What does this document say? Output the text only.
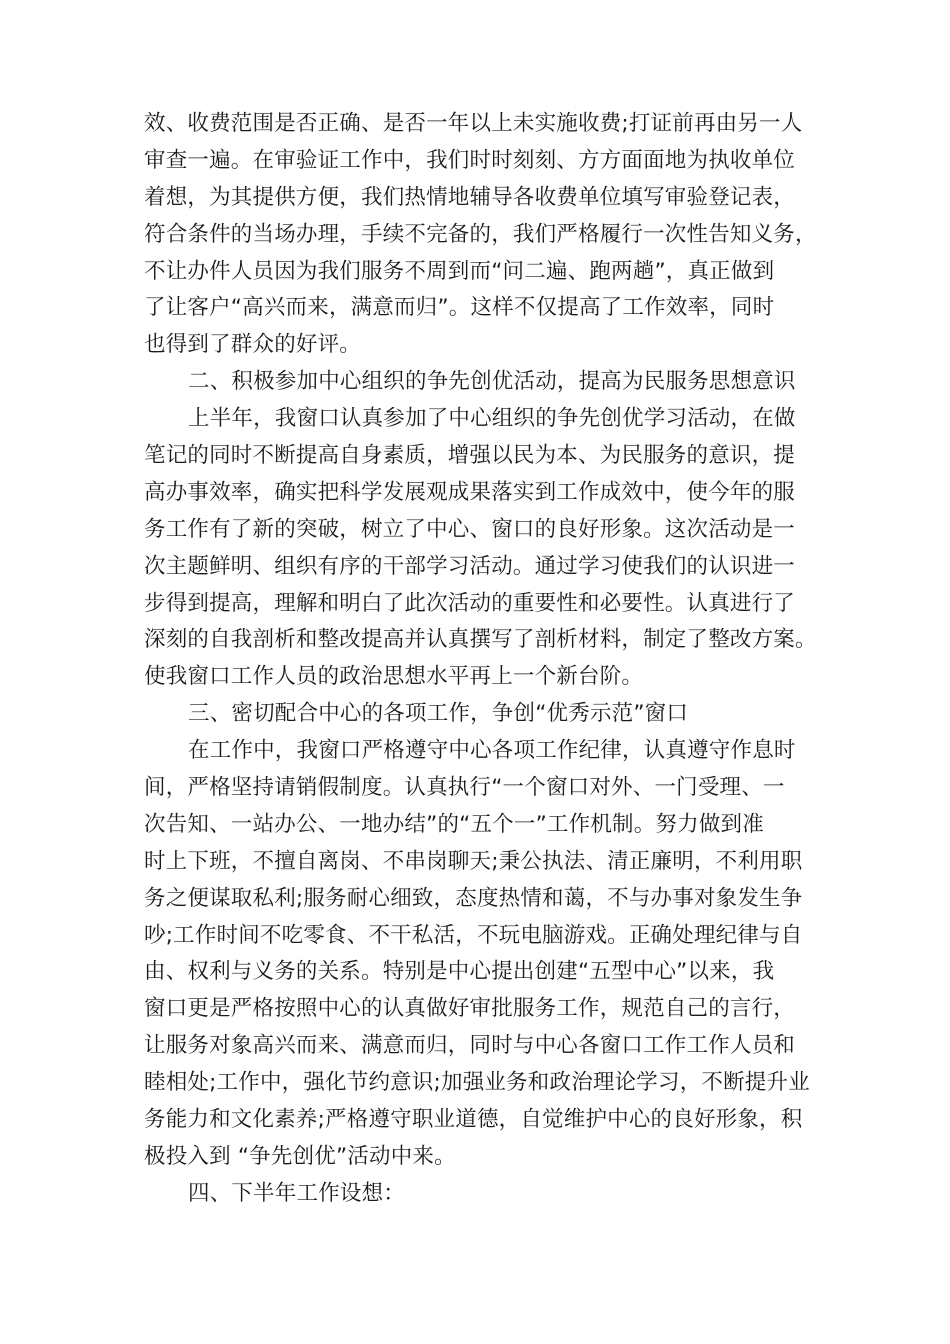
效、收费范围是否正确、是否一年以上未实施收费;打证前再由另一人
审查一遍。在审验证工作中，我们时时刻刻、方方面面地为执收单位
着想，为其提供方便，我们热情地辅导各收费单位填写审验登记表，
符合条件的当场办理，手续不完备的，我们严格履行一次性告知义务，
不让办件人员因为我们服务不周到而“问二遍、跑两趟”，真正做到
了让客户“高兴而来，满意而归”。这样不仅提高了工作效率，同时
也得到了群众的好评。
二、积极参加中心组织的争先创优活动，提高为民服务思想意识
上半年，我窗口认真参加了中心组织的争先创优学习活动，在做
笔记的同时不断提高自身素质，增强以民为本、为民服务的意识，提
高办事效率，确实把科学发展观成果落实到工作成效中，使今年的服
务工作有了新的突破，树立了中心、窗口的良好形象。这次活动是一
次主题鲜明、组织有序的干部学习活动。通过学习使我们的认识进一
步得到提高，理解和明白了此次活动的重要性和必要性。认真进行了
深刻的自我剖析和整改提高并认真撰写了剖析材料，制定了整改方案。
使我窗口工作人员的政治思想水平再上一个新台阶。
三、密切配合中心的各项工作，争创“优秀示范”窗口
在工作中，我窗口严格遵守中心各项工作纪律，认真遵守作息时
间，严格坚持请销假制度。认真执行“一个窗口对外、一门受理、一
次告知、一站办公、一地办结”的“五个一”工作机制。努力做到准
时上下班，不擅自离岗、不串岗聊天;秉公执法、清正廉明，不利用职
务之便谋取私利;服务耐心细致，态度热情和蔼，不与办事对象发生争
吵;工作时间不吃零食、不干私活，不玩电脑游戏。正确处理纪律与自
由、权利与义务的关系。特别是中心提出创建“五型中心”以来，我
窗口更是严格按照中心的认真做好审批服务工作，规范自己的言行，
让服务对象高兴而来、满意而归，同时与中心各窗口工作工作人员和
睦相处;工作中，强化节约意识;加强业务和政治理论学习，不断提升业
务能力和文化素养;严格遵守职业道德，自觉维护中心的良好形象，积
极投入到 “争先创优”活动中来。
四、下半年工作设想：
